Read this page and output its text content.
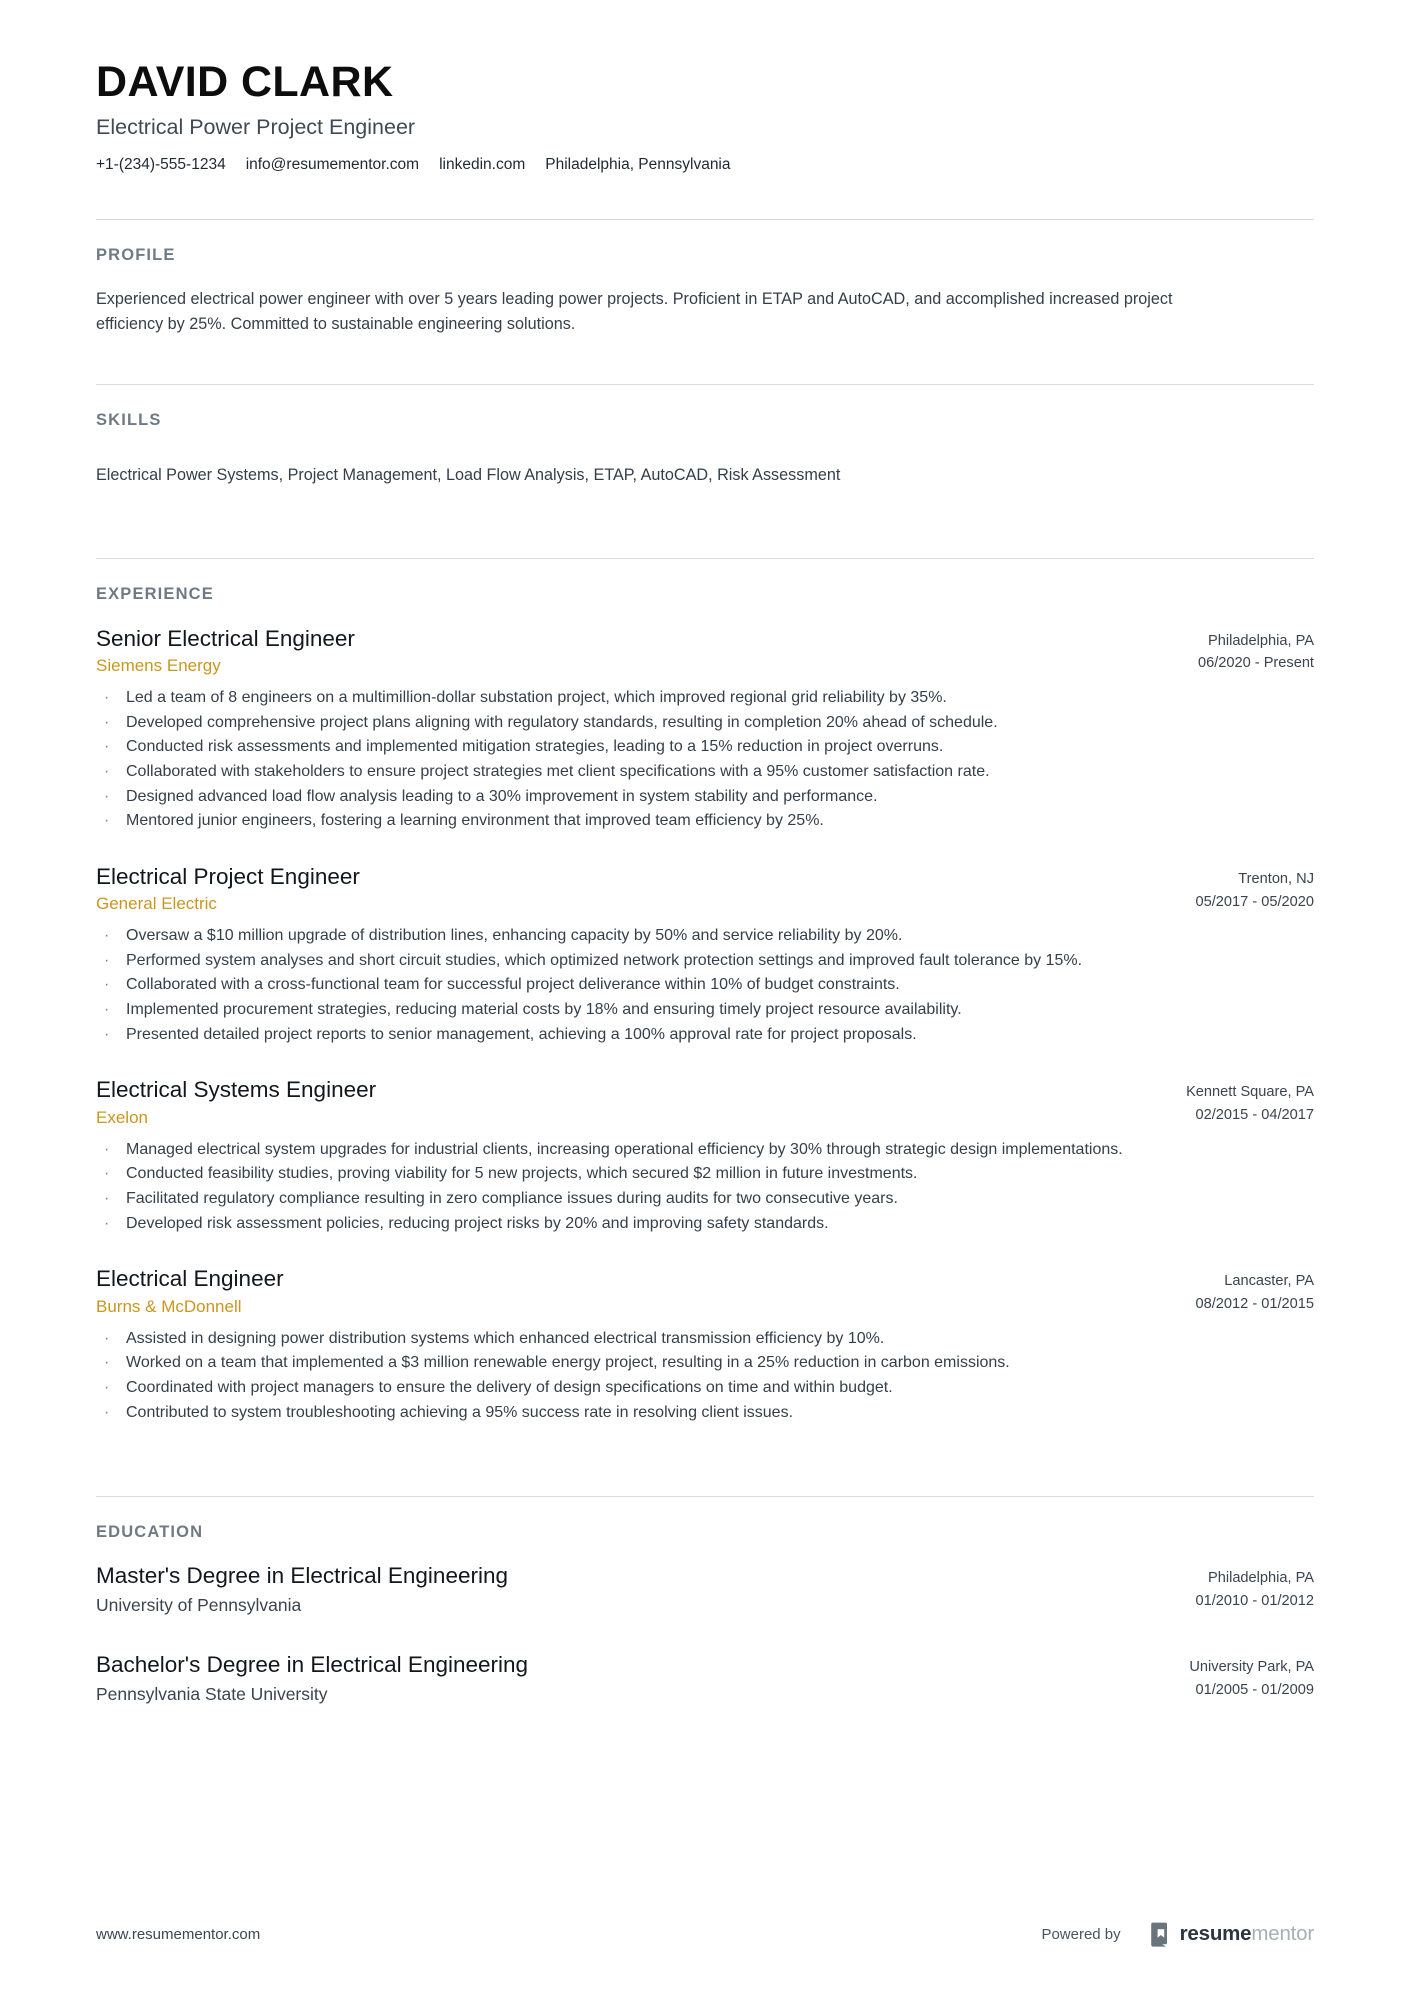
DAVID CLARK
Electrical Power Project Engineer
+1-(234)-555-1234 info@resumementor.com linkedin.com Philadelphia, Pennsylvania
PROFILE
Experienced electrical power engineer with over 5 years leading power projects. Proficient in ETAP and AutoCAD, and accomplished increased project efficiency by 25%. Committed to sustainable engineering solutions.
SKILLS
Electrical Power Systems, Project Management, Load Flow Analysis, ETAP, AutoCAD, Risk Assessment
EXPERIENCE
Senior Electrical Engineer
Siemens Energy
Philadelphia, PA
06/2020 - Present
· Led a team of 8 engineers on a multimillion-dollar substation project, which improved regional grid reliability by 35%.
· Developed comprehensive project plans aligning with regulatory standards, resulting in completion 20% ahead of schedule.
· Conducted risk assessments and implemented mitigation strategies, leading to a 15% reduction in project overruns.
· Collaborated with stakeholders to ensure project strategies met client specifications with a 95% customer satisfaction rate.
· Designed advanced load flow analysis leading to a 30% improvement in system stability and performance.
· Mentored junior engineers, fostering a learning environment that improved team efficiency by 25%.
Electrical Project Engineer
General Electric
Trenton, NJ
05/2017 - 05/2020
· Oversaw a $10 million upgrade of distribution lines, enhancing capacity by 50% and service reliability by 20%.
· Performed system analyses and short circuit studies, which optimized network protection settings and improved fault tolerance by 15%.
· Collaborated with a cross-functional team for successful project deliverance within 10% of budget constraints.
· Implemented procurement strategies, reducing material costs by 18% and ensuring timely project resource availability.
· Presented detailed project reports to senior management, achieving a 100% approval rate for project proposals.
Electrical Systems Engineer
Exelon
Kennett Square, PA
02/2015 - 04/2017
· Managed electrical system upgrades for industrial clients, increasing operational efficiency by 30% through strategic design implementations.
· Conducted feasibility studies, proving viability for 5 new projects, which secured $2 million in future investments.
· Facilitated regulatory compliance resulting in zero compliance issues during audits for two consecutive years.
· Developed risk assessment policies, reducing project risks by 20% and improving safety standards.
Electrical Engineer
Burns & McDonnell
Lancaster, PA
08/2012 - 01/2015
· Assisted in designing power distribution systems which enhanced electrical transmission efficiency by 10%.
· Worked on a team that implemented a $3 million renewable energy project, resulting in a 25% reduction in carbon emissions.
· Coordinated with project managers to ensure the delivery of design specifications on time and within budget.
· Contributed to system troubleshooting achieving a 95% success rate in resolving client issues.
EDUCATION
Master's Degree in Electrical Engineering
University of Pennsylvania
Philadelphia, PA
01/2010 - 01/2012
Bachelor's Degree in Electrical Engineering
Pennsylvania State University
University Park, PA
01/2005 - 01/2009
www.resumementor.com	Powered by	resumementor
